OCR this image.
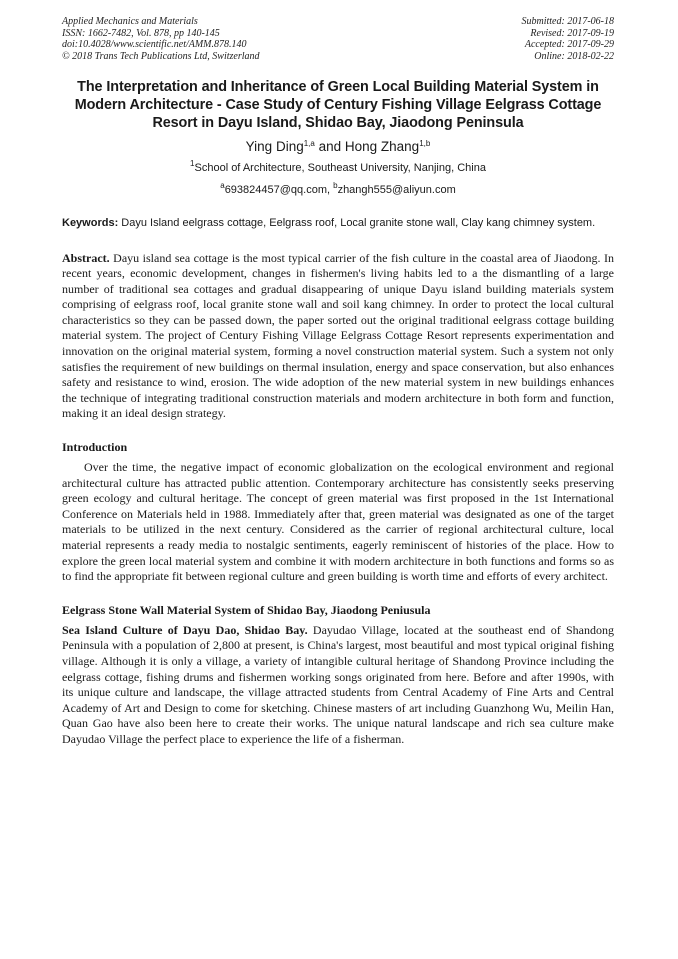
Applied Mechanics and Materials
ISSN: 1662-7482, Vol. 878, pp 140-145
doi:10.4028/www.scientific.net/AMM.878.140
© 2018 Trans Tech Publications Ltd, Switzerland
Submitted: 2017-06-18
Revised: 2017-09-19
Accepted: 2017-09-29
Online: 2018-02-22
The Interpretation and Inheritance of Green Local Building Material System in Modern Architecture - Case Study of Century Fishing Village Eelgrass Cottage Resort in Dayu Island, Shidao Bay, Jiaodong Peninsula
Ying Ding$^{1,a}$ and Hong Zhang$^{1,b}$
$^1$School of Architecture, Southeast University, Nanjing, China
$^a$693824457@qq.com, $^b$zhangh555@aliyun.com
Keywords: Dayu Island eelgrass cottage, Eelgrass roof, Local granite stone wall, Clay kang chimney system.

Abstract. Dayu island sea cottage is the most typical carrier of the fish culture in the coastal area of Jiaodong. In recent years, economic development, changes in fishermen's living habits led to a the dismantling of a large number of traditional sea cottages and gradual disappearing of unique Dayu island building materials system comprising of eelgrass roof, local granite stone wall and soil kang chimney. In order to protect the local cultural characteristics so they can be passed down, the paper sorted out the original traditional eelgrass cottage building material system. The project of Century Fishing Village Eelgrass Cottage Resort represents experimentation and innovation on the original material system, forming a novel construction material system. Such a system not only satisfies the requirement of new buildings on thermal insulation, energy and space conservation, but also enhances safety and resistance to wind, erosion. The wide adoption of the new material system in new buildings enhances the technique of integrating traditional construction materials and modern architecture in both form and function, making it an ideal design strategy.

Introduction

Over the time, the negative impact of economic globalization on the ecological environment and regional architectural culture has attracted public attention. Contemporary architecture has consistently seeks preserving green ecology and cultural heritage. The concept of green material was first proposed in the 1st International Conference on Materials held in 1988. Immediately after that, green material was designated as one of the target materials to be utilized in the next century. Considered as the carrier of regional architectural culture, local material represents a ready media to nostalgic sentiments, eagerly reminiscent of histories of the place. How to explore the green local material system and combine it with modern architecture in both functions and forms so as to find the appropriate fit between regional culture and green building is worth time and efforts of every architect.

Eelgrass Stone Wall Material System of Shidao Bay, Jiaodong Peniusula

Sea Island Culture of Dayu Dao, Shidao Bay. Dayudao Village, located at the southeast end of Shandong Peninsula with a population of 2,800 at present, is China's largest, most beautiful and most typical original fishing village. Although it is only a village, a variety of intangible cultural heritage of Shandong Province including the eelgrass cottage, fishing drums and fishermen working songs originated from here. Before and after 1990s, with its unique culture and landscape, the village attracted students from Central Academy of Fine Arts and Central Academy of Art and Design to come for sketching. Chinese masters of art including Guanzhong Wu, Meilin Han, Quan Gao have also been here to create their works. The unique natural landscape and rich sea culture make Dayudao Village the perfect place to experience the life of a fisherman.
